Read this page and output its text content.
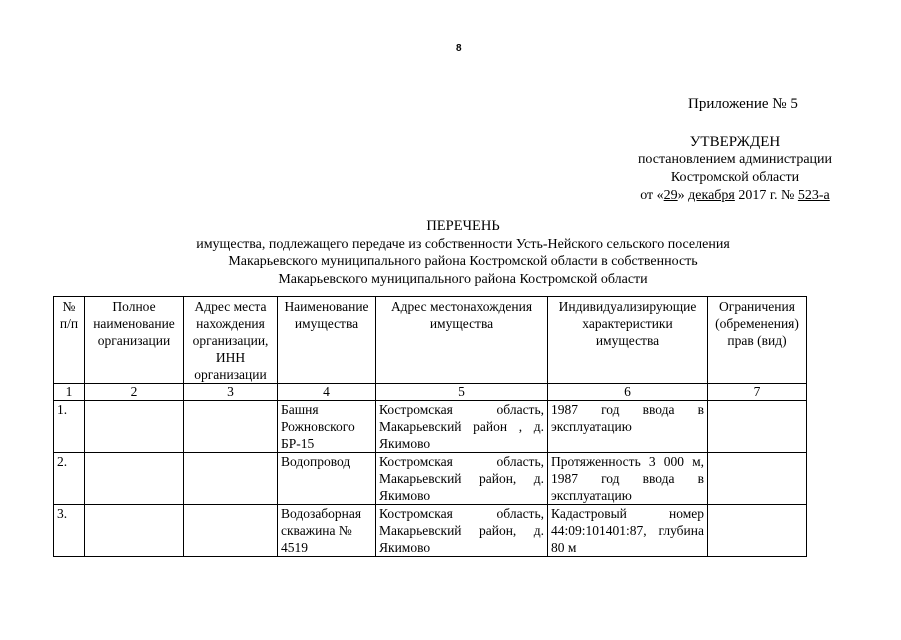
8
Приложение № 5
УТВЕРЖДЕН
постановлением администрации
Костромской области
от «29» декабря 2017 г. № 523-а
ПЕРЕЧЕНЬ
имущества, подлежащего передаче из собственности Усть-Нейского сельского поселения
Макарьевского муниципального района Костромской области в собственность
Макарьевского муниципального района Костромской области
№ п/п	Полное наименование организации	Адрес места нахождения организации, ИНН организации	Наименование имущества	Адрес местонахождения имущества	Индивидуализирующие характеристики имущества	Ограничения (обременения) прав (вид)
1	2	3	4	5	6	7
1.			Башня Рожновского БР-15	Костромская область, Макарьевский район , д. Якимово	1987 год ввода в эксплуатацию	
2.			Водопровод	Костромская область, Макарьевский район, д. Якимово	Протяженность 3 000 м, 1987 год ввода в эксплуатацию	
3.			Водозаборная скважина № 4519	Костромская область, Макарьевский район, д. Якимово	Кадастровый номер 44:09:101401:87, глубина 80 м	
